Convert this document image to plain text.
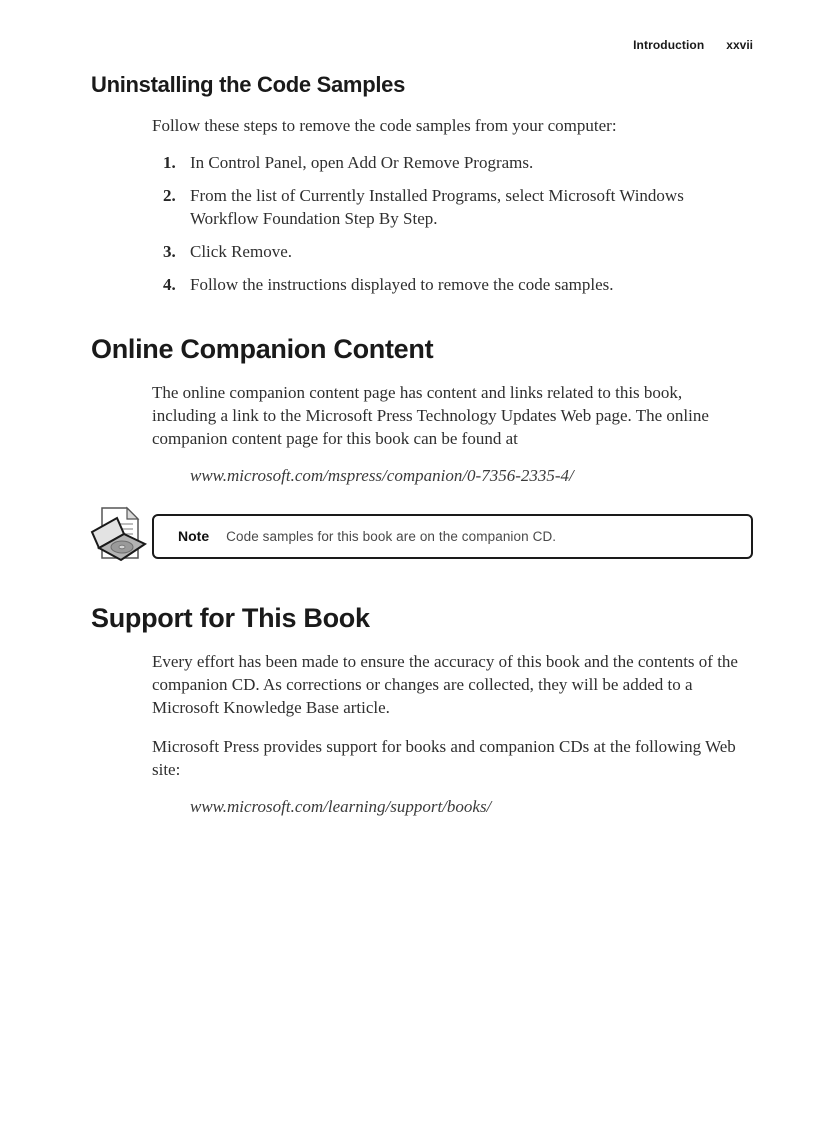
Introduction xxvii
Uninstalling the Code Samples

Follow these steps to remove the code samples from your computer:

1. In Control Panel, open Add Or Remove Programs.
2. From the list of Currently Installed Programs, select Microsoft Windows Workflow Foundation Step By Step.
3. Click Remove.
4. Follow the instructions displayed to remove the code samples.
Online Companion Content

The online companion content page has content and links related to this book, including a link to the Microsoft Press Technology Updates Web page. The online companion content page for this book can be found at

www.microsoft.com/mspress/companion/0-7356-2335-4/
Note Code samples for this book are on the companion CD.
Support for This Book

Every effort has been made to ensure the accuracy of this book and the contents of the companion CD. As corrections or changes are collected, they will be added to a Microsoft Knowledge Base article.

Microsoft Press provides support for books and companion CDs at the following Web site:

www.microsoft.com/learning/support/books/
